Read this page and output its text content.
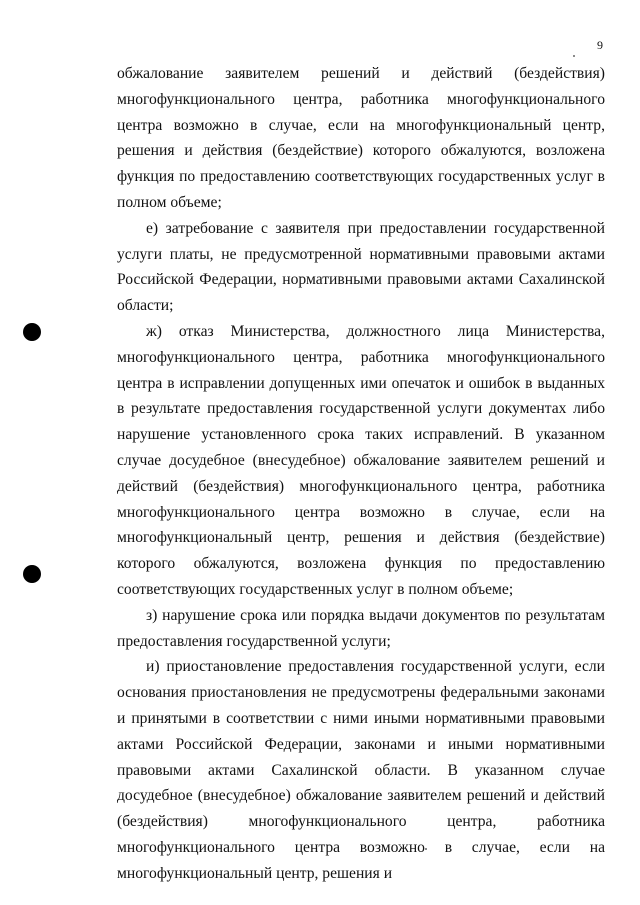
9

обжалование заявителем решений и действий (бездействия) многофункционального центра, работника многофункционального центра возможно в случае, если на многофункциональный центр, решения и действия (бездействие) которого обжалуются, возложена функция по предоставлению соответствующих государственных услуг в полном объеме;

е) затребование с заявителя при предоставлении государственной услуги платы, не предусмотренной нормативными правовыми актами Российской Федерации, нормативными правовыми актами Сахалинской области;

ж) отказ Министерства, должностного лица Министерства, многофункционального центра, работника многофункционального центра в исправлении допущенных ими опечаток и ошибок в выданных в результате предоставления государственной услуги документах либо нарушение установленного срока таких исправлений. В указанном случае досудебное (внесудебное) обжалование заявителем решений и действий (бездействия) многофункционального центра, работника многофункционального центра возможно в случае, если на многофункциональный центр, решения и действия (бездействие) которого обжалуются, возложена функция по предоставлению соответствующих государственных услуг в полном объеме;

з) нарушение срока или порядка выдачи документов по результатам предоставления государственной услуги;

и) приостановление предоставления государственной услуги, если основания приостановления не предусмотрены федеральными законами и принятыми в соответствии с ними иными нормативными правовыми актами Российской Федерации, законами и иными нормативными правовыми актами Сахалинской области. В указанном случае досудебное (внесудебное) обжалование заявителем решений и действий (бездействия) многофункционального центра, работника многофункционального центра возможно в случае, если на многофункциональный центр, решения и
